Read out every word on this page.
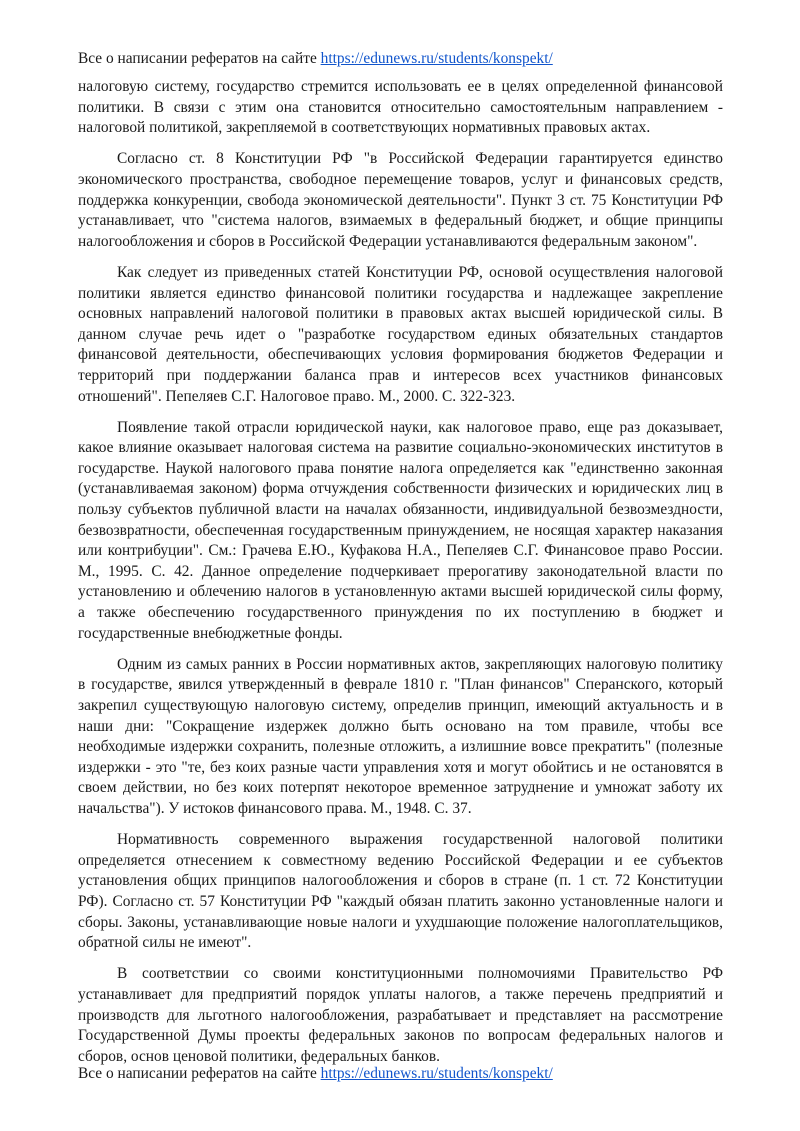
Все о написании рефератов на сайте https://edunews.ru/students/konspekt/

налоговую систему, государство стремится использовать ее в целях определенной финансовой политики. В связи с этим она становится относительно самостоятельным направлением - налоговой политикой, закрепляемой в соответствующих нормативных правовых актах.

Согласно ст. 8 Конституции РФ "в Российской Федерации гарантируется единство экономического пространства, свободное перемещение товаров, услуг и финансовых средств, поддержка конкуренции, свобода экономической деятельности". Пункт 3 ст. 75 Конституции РФ устанавливает, что "система налогов, взимаемых в федеральный бюджет, и общие принципы налогообложения и сборов в Российской Федерации устанавливаются федеральным законом".

Как следует из приведенных статей Конституции РФ, основой осуществления налоговой политики является единство финансовой политики государства и надлежащее закрепление основных направлений налоговой политики в правовых актах высшей юридической силы. В данном случае речь идет о "разработке государством единых обязательных стандартов финансовой деятельности, обеспечивающих условия формирования бюджетов Федерации и территорий при поддержании баланса прав и интересов всех участников финансовых отношений". Пепеляев С.Г. Налоговое право. М., 2000. С. 322-323.

Появление такой отрасли юридической науки, как налоговое право, еще раз доказывает, какое влияние оказывает налоговая система на развитие социально-экономических институтов в государстве. Наукой налогового права понятие налога определяется как "единственно законная (устанавливаемая законом) форма отчуждения собственности физических и юридических лиц в пользу субъектов публичной власти на началах обязанности, индивидуальной безвозмездности, безвозвратности, обеспеченная государственным принуждением, не носящая характер наказания или контрибуции". См.: Грачева Е.Ю., Куфакова Н.А., Пепеляев С.Г. Финансовое право России. М., 1995. С. 42. Данное определение подчеркивает прерогативу законодательной власти по установлению и облечению налогов в установленную актами высшей юридической силы форму, а также обеспечению государственного принуждения по их поступлению в бюджет и государственные внебюджетные фонды.

Одним из самых ранних в России нормативных актов, закрепляющих налоговую политику в государстве, явился утвержденный в феврале 1810 г. "План финансов" Сперанского, который закрепил существующую налоговую систему, определив принцип, имеющий актуальность и в наши дни: "Сокращение издержек должно быть основано на том правиле, чтобы все необходимые издержки сохранить, полезные отложить, а излишние вовсе прекратить" (полезные издержки - это "те, без коих разные части управления хотя и могут обойтись и не остановятся в своем действии, но без коих потерпят некоторое временное затруднение и умножат заботу их начальства"). У истоков финансового права. М., 1948. С. 37.

Нормативность современного выражения государственной налоговой политики определяется отнесением к совместному ведению Российской Федерации и ее субъектов установления общих принципов налогообложения и сборов в стране (п. 1 ст. 72 Конституции РФ). Согласно ст. 57 Конституции РФ "каждый обязан платить законно установленные налоги и сборы. Законы, устанавливающие новые налоги и ухудшающие положение налогоплательщиков, обратной силы не имеют".

В соответствии со своими конституционными полномочиями Правительство РФ устанавливает для предприятий порядок уплаты налогов, а также перечень предприятий и производств для льготного налогообложения, разрабатывает и представляет на рассмотрение Государственной Думы проекты федеральных законов по вопросам федеральных налогов и сборов, основ ценовой политики, федеральных банков.

Все о написании рефератов на сайте https://edunews.ru/students/konspekt/
